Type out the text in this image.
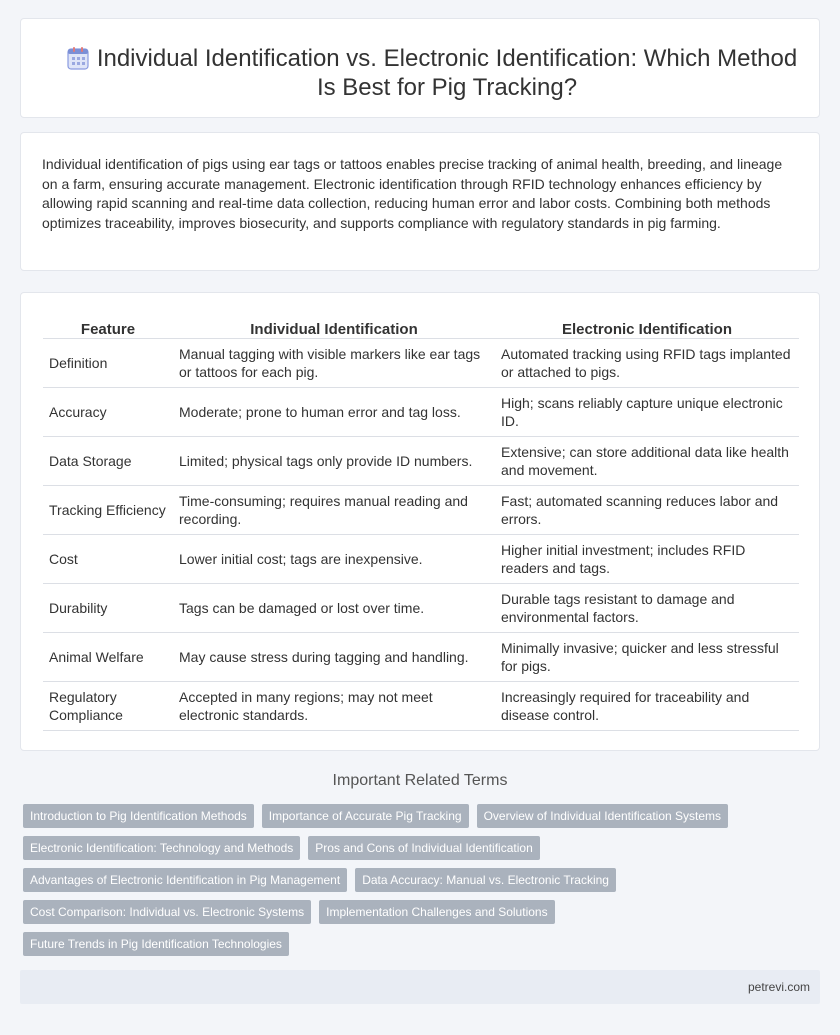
Individual Identification vs. Electronic Identification: Which Method Is Best for Pig Tracking?

Individual identification of pigs using ear tags or tattoos enables precise tracking of animal health, breeding, and lineage on a farm, ensuring accurate management. Electronic identification through RFID technology enhances efficiency by allowing rapid scanning and real-time data collection, reducing human error and labor costs. Combining both methods optimizes traceability, improves biosecurity, and supports compliance with regulatory standards in pig farming.

Feature	Individual Identification	Electronic Identification
Definition	Manual tagging with visible markers like ear tags or tattoos for each pig.	Automated tracking using RFID tags implanted or attached to pigs.
Accuracy	Moderate; prone to human error and tag loss.	High; scans reliably capture unique electronic ID.
Data Storage	Limited; physical tags only provide ID numbers.	Extensive; can store additional data like health and movement.
Tracking Efficiency	Time-consuming; requires manual reading and recording.	Fast; automated scanning reduces labor and errors.
Cost	Lower initial cost; tags are inexpensive.	Higher initial investment; includes RFID readers and tags.
Durability	Tags can be damaged or lost over time.	Durable tags resistant to damage and environmental factors.
Animal Welfare	May cause stress during tagging and handling.	Minimally invasive; quicker and less stressful for pigs.
Regulatory Compliance	Accepted in many regions; may not meet electronic standards.	Increasingly required for traceability and disease control.
Important Related Terms
Introduction to Pig Identification Methods	Importance of Accurate Pig Tracking	Overview of Individual Identification Systems
Electronic Identification: Technology and Methods	Pros and Cons of Individual Identification
Advantages of Electronic Identification in Pig Management	Data Accuracy: Manual vs. Electronic Tracking
Cost Comparison: Individual vs. Electronic Systems	Implementation Challenges and Solutions
Future Trends in Pig Identification Technologies
petrevi.com
